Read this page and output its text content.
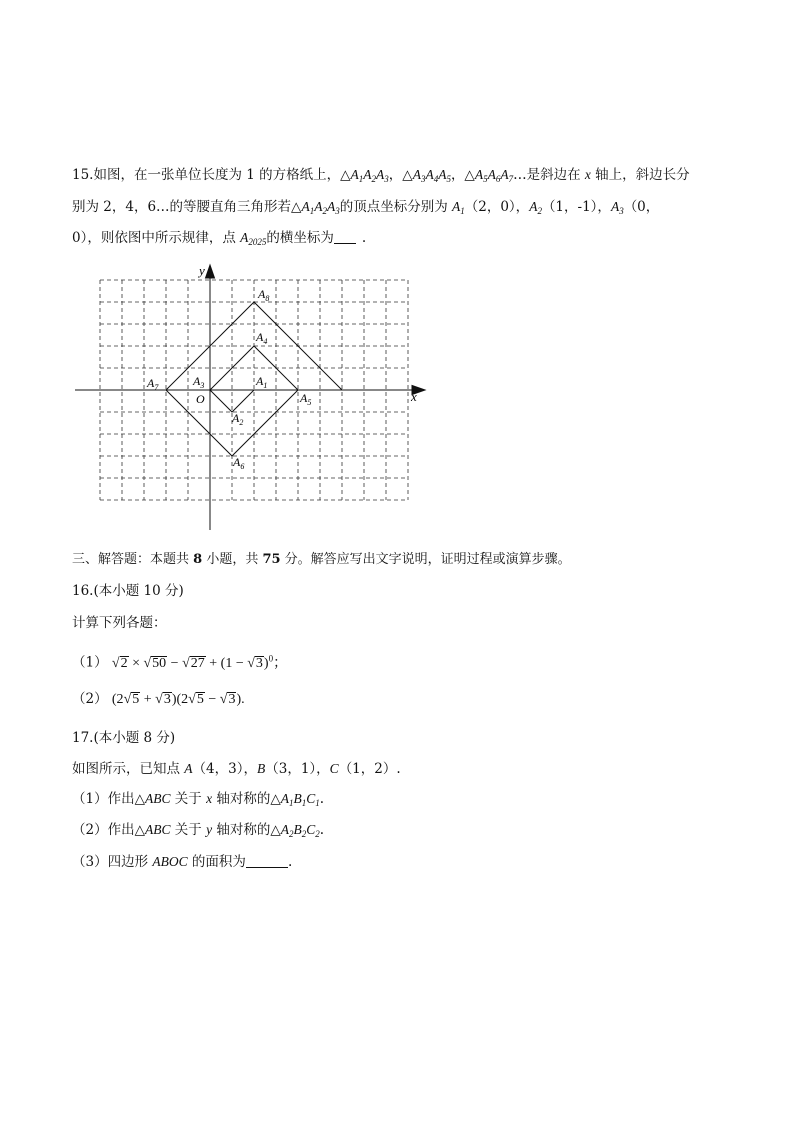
15.如图，在一张单位长度为 1 的方格纸上，$\triangle A_1A_2A_3$，$\triangle A_3A_4A_5$，$\triangle A_5A_6A_7\dots$是斜边在 x 轴上，斜边长分
别为 2，4，6…的等腰直角三角形若$\triangle A_1A_2A_3$的顶点坐标分别为 $A_1(2$，0），$A_2(1$，-1），$A_3(0$，
0），则依图中所示规律，点 $A_{2025}$的横坐标为 .
x
y
O
$A_1$
$A_2$
$A_3$
$A_4$
$A_5$
$A_6$
$A_7$
$A_8$
三、解答题：本题共 8 小题，共 75 分。解答应写出文字说明，证明过程或演算步骤。
16.(本小题 10 分)
计算下列各题：
（1） $√2 \times √50 - √27 + (1 - √3)^0$；
（2） (2√5 + √3)(2√5 − √3).
17.(本小题 8 分)
如图所示，已知点 A（4，3），B（3，1），C（1，2）.
（1）作出△ABC 关于 x 轴对称的$\triangle A_1B_1C_1$.
（2）作出△ABC 关于 y 轴对称的$\triangle A_2B_2C_2$.
（3）四边形 ABOC 的面积为	.
